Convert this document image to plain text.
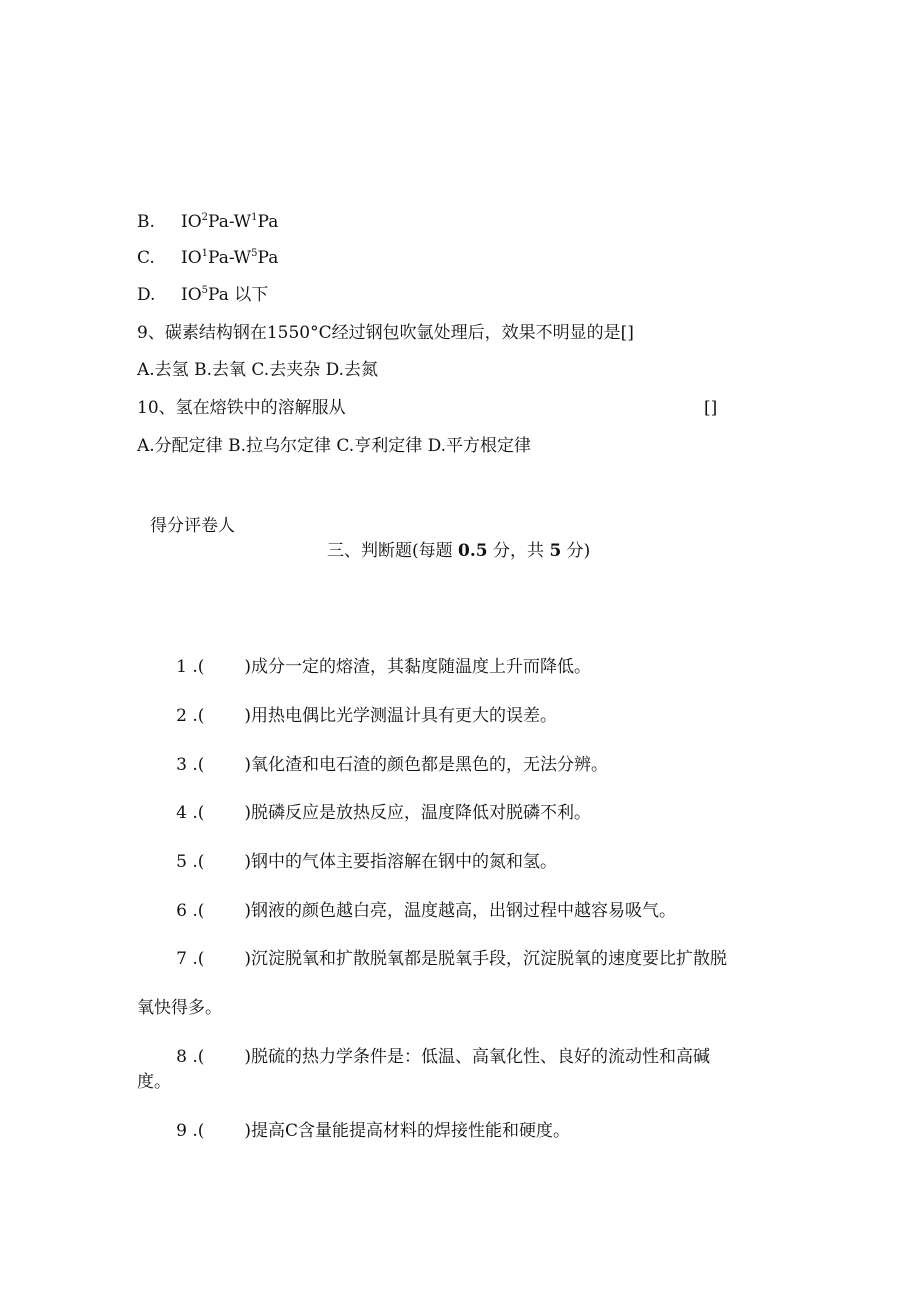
B. $IO^2Pa-W^1Pa$
C. $IO^1Pa-W^5Pa$
D. $IO^5Pa$ 以下
9、碳素结构钢在1550°C经过钢包吹氩处理后，效果不明显的是[]
A.去氢 B.去氧 C.去夹杂 D.去氮
10、氢在熔铁中的溶解服从	[]
A.分配定律 B.拉乌尔定律 C.亨利定律 D.平方根定律
得分评卷人
三、判断题(每题 0.5 分，共 5 分)
1 .( )成分一定的熔渣，其黏度随温度上升而降低。
2 .( )用热电偶比光学测温计具有更大的误差。
3 .( )氧化渣和电石渣的颜色都是黑色的，无法分辨。
4 .( )脱磷反应是放热反应，温度降低对脱磷不利。
5 .( )钢中的气体主要指溶解在钢中的氮和氢。
6 .( )钢液的颜色越白亮，温度越高，出钢过程中越容易吸气。
7 .( )沉淀脱氧和扩散脱氧都是脱氧手段，沉淀脱氧的速度要比扩散脱
氧快得多。
8 .( )脱硫的热力学条件是：低温、高氧化性、良好的流动性和高碱
度。
9 .( )提高C含量能提高材料的焊接性能和硬度。
